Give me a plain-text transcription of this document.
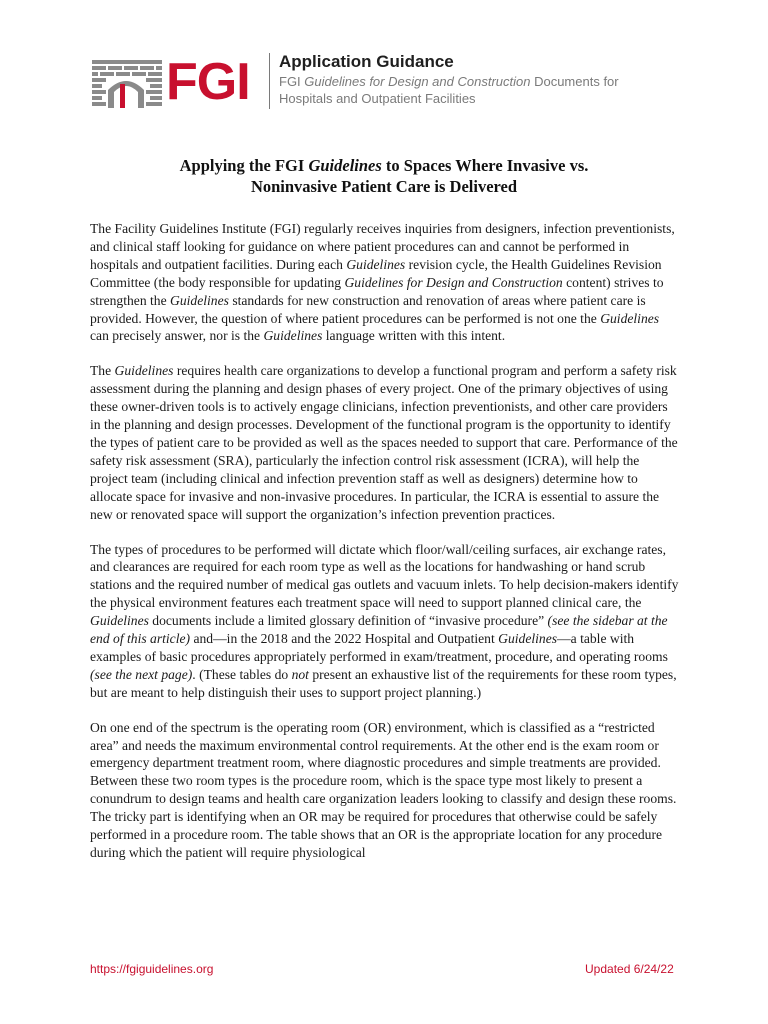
FGI Application Guidance
FGI Guidelines for Design and Construction Documents for
Hospitals and Outpatient Facilities
Applying the FGI Guidelines to Spaces Where Invasive vs.
Noninvasive Patient Care is Delivered

The Facility Guidelines Institute (FGI) regularly receives inquiries from designers, infection preventionists, and clinical staff looking for guidance on where patient procedures can and cannot be performed in hospitals and outpatient facilities. During each Guidelines revision cycle, the Health Guidelines Revision Committee (the body responsible for updating Guidelines for Design and Construction content) strives to strengthen the Guidelines standards for new construction and renovation of areas where patient care is provided. However, the question of where patient procedures can be performed is not one the Guidelines can precisely answer, nor is the Guidelines language written with this intent.

The Guidelines requires health care organizations to develop a functional program and perform a safety risk assessment during the planning and design phases of every project. One of the primary objectives of using these owner-driven tools is to actively engage clinicians, infection preventionists, and other care providers in the planning and design processes. Development of the functional program is the opportunity to identify the types of patient care to be provided as well as the spaces needed to support that care. Performance of the safety risk assessment (SRA), particularly the infection control risk assessment (ICRA), will help the project team (including clinical and infection prevention staff as well as designers) determine how to allocate space for invasive and non-invasive procedures. In particular, the ICRA is essential to assure the new or renovated space will support the organization’s infection prevention practices.

The types of procedures to be performed will dictate which floor/wall/ceiling surfaces, air exchange rates, and clearances are required for each room type as well as the locations for handwashing or hand scrub stations and the required number of medical gas outlets and vacuum inlets. To help decision-makers identify the physical environment features each treatment space will need to support planned clinical care, the Guidelines documents include a limited glossary definition of “invasive procedure” (see the sidebar at the end of this article) and—in the 2018 and the 2022 Hospital and Outpatient Guidelines—a table with examples of basic procedures appropriately performed in exam/treatment, procedure, and operating rooms (see the next page). (These tables do not present an exhaustive list of the requirements for these room types, but are meant to help distinguish their uses to support project planning.)

On one end of the spectrum is the operating room (OR) environment, which is classified as a “restricted area” and needs the maximum environmental control requirements. At the other end is the exam room or emergency department treatment room, where diagnostic procedures and simple treatments are provided. Between these two room types is the procedure room, which is the space type most likely to present a conundrum to design teams and health care organization leaders looking to classify and design these rooms. The tricky part is identifying when an OR may be required for procedures that otherwise could be safely performed in a procedure room. The table shows that an OR is the appropriate location for any procedure during which the patient will require physiological

https://fgiguidelines.org	Updated 6/24/22
